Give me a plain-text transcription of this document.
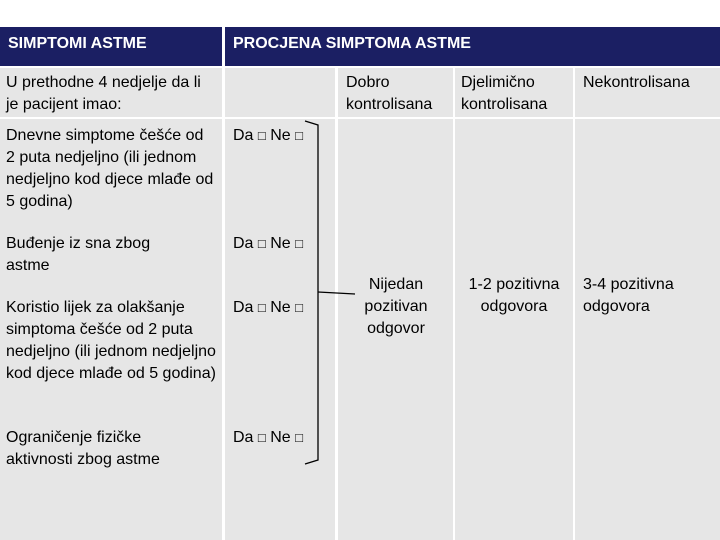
SIMPTOMI ASTME	PROCJENA SIMPTOMA ASTME
U prethodne 4 nedjelje da li je pacijent imao:
Dobro kontrolisana
Djelimično kontrolisana
Nekontrolisana
Dnevne simptome češće od 2 puta nedjeljno (ili jednom nedjeljno kod djece mlađe od 5 godina)
Buđenje iz sna zbog astme
Koristio lijek za olakšanje simptoma češće od 2 puta nedjeljno (ili jednom nedjeljno kod djece mlađe od 5 godina)
Ograničenje fizičke aktivnosti zbog astme
Da □ Ne □
Da □ Ne □
Da □ Ne □
Da □ Ne □
Nijedan pozitivan odgovor
1-2 pozitivna odgovora
3-4 pozitivna odgovora
